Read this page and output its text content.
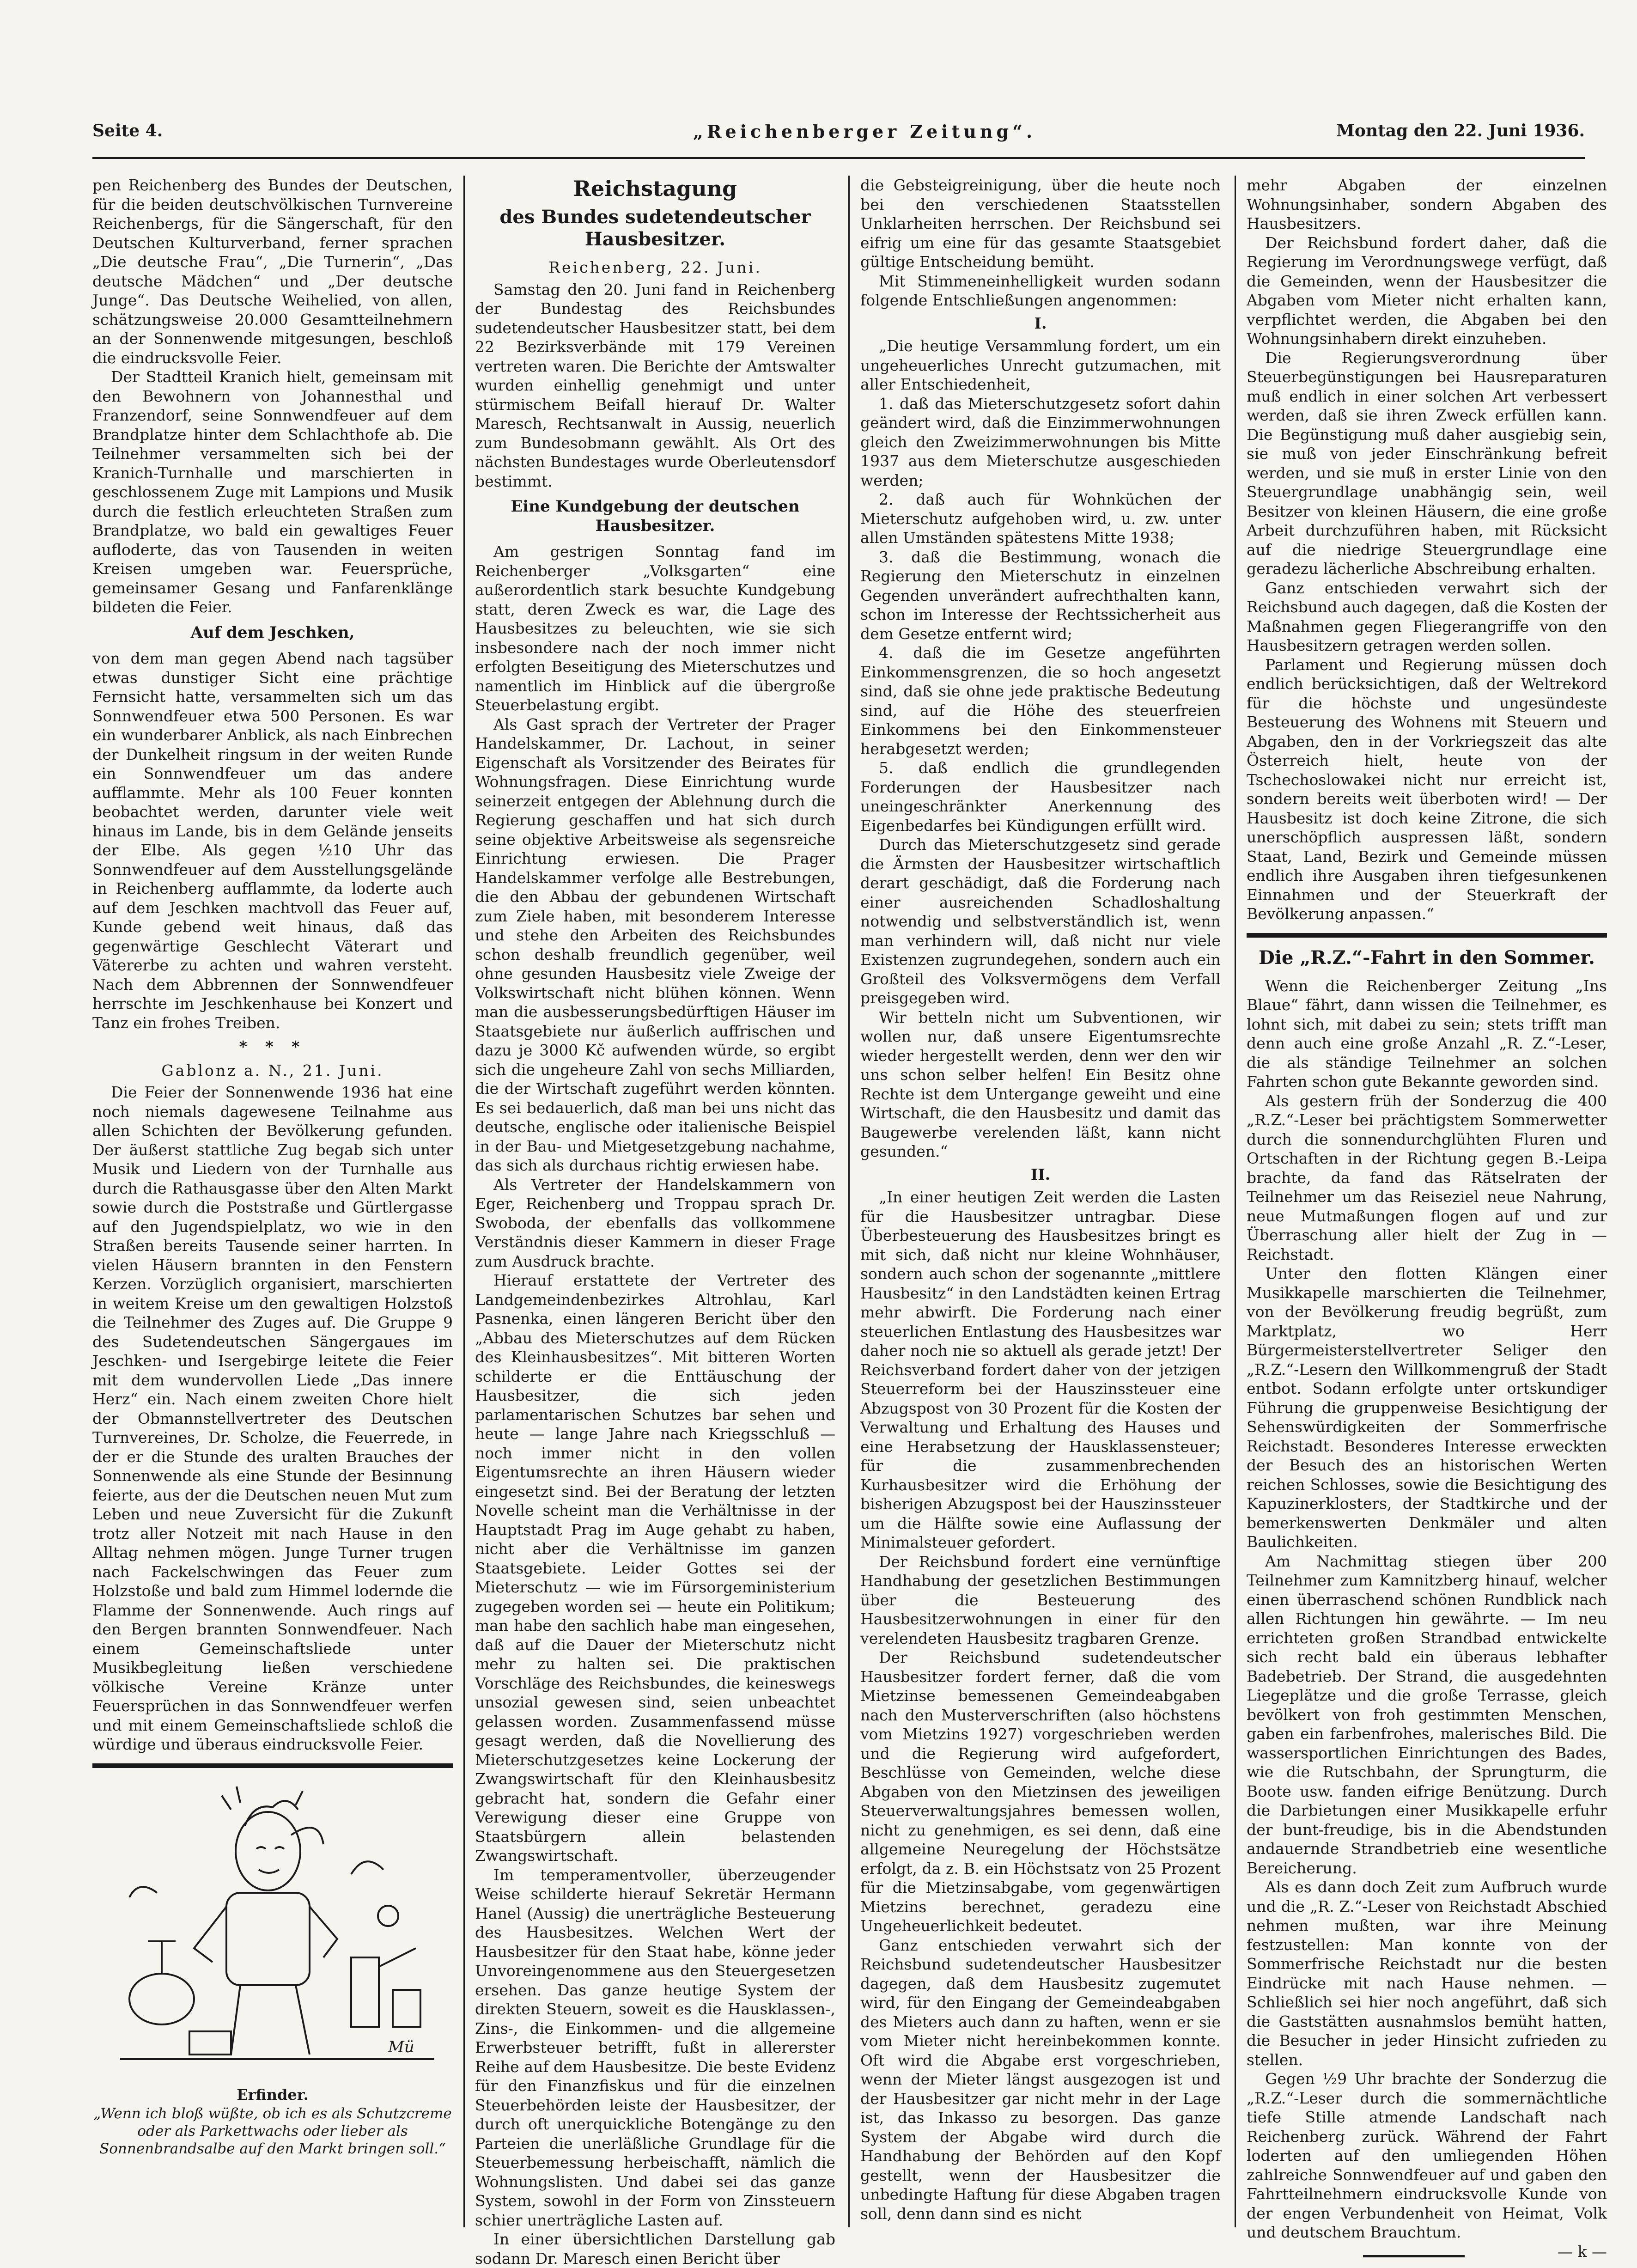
Seite 4.	„Reichenberger Zeitung“.	Montag den 22. Juni 1936.

pen Reichenberg des Bundes der Deutschen, für die beiden deutschvölkischen Turnvereine Reichenbergs, für die Sängerschaft, für den Deutschen Kulturverband, ferner sprachen „Die deutsche Frau“, „Die Turnerin“, „Das deutsche Mädchen“ und „Der deutsche Junge“. Das Deutsche Weihelied, von allen, schätzungsweise 20.000 Gesamtteilnehmern an der Sonnenwende mitgesungen, beschloß die eindrucksvolle Feier.

Der Stadtteil Kranich hielt, gemeinsam mit den Bewohnern von Johannesthal und Franzendorf, seine Sonnwendfeuer auf dem Brandplatze hinter dem Schlachthofe ab. Die Teilnehmer versammelten sich bei der Kranich-Turnhalle und marschierten in geschlossenem Zuge mit Lampions und Musik durch die festlich erleuchteten Straßen zum Brandplatze, wo bald ein gewaltiges Feuer aufloderte, das von Tausenden in weiten Kreisen umgeben war. Feuersprüche, gemeinsamer Gesang und Fanfarenklänge bildeten die Feier.

Auf dem Jeschken,

von dem man gegen Abend nach tagsüber etwas dunstiger Sicht eine prächtige Fernsicht hatte, versammelten sich um das Sonnwendfeuer etwa 500 Personen. Es war ein wunderbarer Anblick, als nach Einbrechen der Dunkelheit ringsum in der weiten Runde ein Sonnwendfeuer um das andere aufflammte. Mehr als 100 Feuer konnten beobachtet werden, darunter viele weit hinaus im Lande, bis in dem Gelände jenseits der Elbe. Als gegen ½10 Uhr das Sonnwendfeuer auf dem Ausstellungsgelände in Reichenberg aufflammte, da loderte auch auf dem Jeschken machtvoll das Feuer auf, Kunde gebend weit hinaus, daß das gegenwärtige Geschlecht Väterart und Vätererbe zu achten und wahren versteht. Nach dem Abbrennen der Sonnwendfeuer herrschte im Jeschkenhause bei Konzert und Tanz ein frohes Treiben.

* * *

Gablonz a. N., 21. Juni.

Die Feier der Sonnenwende 1936 hat eine noch niemals dagewesene Teilnahme aus allen Schichten der Bevölkerung gefunden. Der äußerst stattliche Zug begab sich unter Musik und Liedern von der Turnhalle aus durch die Rathausgasse über den Alten Markt sowie durch die Poststraße und Gürtlergasse auf den Jugendspielplatz, wo wie in den Straßen bereits Tausende seiner harrten. In vielen Häusern brannten in den Fenstern Kerzen. Vorzüglich organisiert, marschierten in weitem Kreise um den gewaltigen Holzstoß die Teilnehmer des Zuges auf. Die Gruppe 9 des Sudetendeutschen Sängergaues im Jeschken- und Isergebirge leitete die Feier mit dem wundervollen Liede „Das innere Herz“ ein. Nach einem zweiten Chore hielt der Obmannstellvertreter des Deutschen Turnvereines, Dr. Scholze, die Feuerrede, in der er die Stunde des uralten Brauches der Sonnenwende als eine Stunde der Besinnung feierte, aus der die Deutschen neuen Mut zum Leben und neue Zuversicht für die Zukunft trotz aller Notzeit mit nach Hause in den Alltag nehmen mögen. Junge Turner trugen nach Fackelschwingen das Feuer zum Holzstoße und bald zum Himmel lodernde die Flamme der Sonnenwende. Auch rings auf den Bergen brannten Sonnwendfeuer. Nach einem Gemeinschaftsliede unter Musikbegleitung ließen verschiedene völkische Vereine Kränze unter Feuersprüchen in das Sonnwendfeuer werfen und mit einem Gemeinschaftsliede schloß die würdige und überaus eindrucksvolle Feier.

Mü
Erfinder.
„Wenn ich bloß wüßte, ob ich es als Schutzcreme oder als Parkettwachs oder lieber als Sonnenbrandsalbe auf den Markt bringen soll.“
Reichstagung
des Bundes sudetendeutscher Hausbesitzer.

Reichenberg, 22. Juni.

Samstag den 20. Juni fand in Reichenberg der Bundestag des Reichsbundes sudetendeutscher Hausbesitzer statt, bei dem 22 Bezirksverbände mit 179 Vereinen vertreten waren. Die Berichte der Amtswalter wurden einhellig genehmigt und unter stürmischem Beifall hierauf Dr. Walter Maresch, Rechtsanwalt in Aussig, neuerlich zum Bundesobmann gewählt. Als Ort des nächsten Bundestages wurde Oberleutensdorf bestimmt.

Eine Kundgebung der deutschen Hausbesitzer.

Am gestrigen Sonntag fand im Reichenberger „Volksgarten“ eine außerordentlich stark besuchte Kundgebung statt, deren Zweck es war, die Lage des Hausbesitzes zu beleuchten, wie sie sich insbesondere nach der noch immer nicht erfolgten Beseitigung des Mieterschutzes und namentlich im Hinblick auf die übergroße Steuerbelastung ergibt.

Als Gast sprach der Vertreter der Prager Handelskammer, Dr. Lachout, in seiner Eigenschaft als Vorsitzender des Beirates für Wohnungsfragen. Diese Einrichtung wurde seinerzeit entgegen der Ablehnung durch die Regierung geschaffen und hat sich durch seine objektive Arbeitsweise als segensreiche Einrichtung erwiesen. Die Prager Handelskammer verfolge alle Bestrebungen, die den Abbau der gebundenen Wirtschaft zum Ziele haben, mit besonderem Interesse und stehe den Arbeiten des Reichsbundes schon deshalb freundlich gegenüber, weil ohne gesunden Hausbesitz viele Zweige der Volkswirtschaft nicht blühen können. Wenn man die ausbesserungsbedürftigen Häuser im Staatsgebiete nur äußerlich auffrischen und dazu je 3000 Kč aufwenden würde, so ergibt sich die ungeheure Zahl von sechs Milliarden, die der Wirtschaft zugeführt werden könnten. Es sei bedauerlich, daß man bei uns nicht das deutsche, englische oder italienische Beispiel in der Bau- und Mietgesetzgebung nachahme, das sich als durchaus richtig erwiesen habe.

Als Vertreter der Handelskammern von Eger, Reichenberg und Troppau sprach Dr. Swoboda, der ebenfalls das vollkommene Verständnis dieser Kammern in dieser Frage zum Ausdruck brachte.

Hierauf erstattete der Vertreter des Landgemeindenbezirkes Altrohlau, Karl Pasnenka, einen längeren Bericht über den „Abbau des Mieterschutzes auf dem Rücken des Kleinhausbesitzes“. Mit bitteren Worten schilderte er die Enttäuschung der Hausbesitzer, die sich jeden parlamentarischen Schutzes bar sehen und heute — lange Jahre nach Kriegsschluß — noch immer nicht in den vollen Eigentumsrechte an ihren Häusern wieder eingesetzt sind. Bei der Beratung der letzten Novelle scheint man die Verhältnisse in der Hauptstadt Prag im Auge gehabt zu haben, nicht aber die Verhältnisse im ganzen Staatsgebiete. Leider Gottes sei der Mieterschutz — wie im Fürsorgeministerium zugegeben worden sei — heute ein Politikum; man habe den sachlich habe man eingesehen, daß auf die Dauer der Mieterschutz nicht mehr zu halten sei. Die praktischen Vorschläge des Reichsbundes, die keineswegs unsozial gewesen sind, seien unbeachtet gelassen worden. Zusammenfassend müsse gesagt werden, daß die Novellierung des Mieterschutzgesetzes keine Lockerung der Zwangswirtschaft für den Kleinhausbesitz gebracht hat, sondern die Gefahr einer Verewigung dieser eine Gruppe von Staatsbürgern allein belastenden Zwangswirtschaft.

Im temperamentvoller, überzeugender Weise schilderte hierauf Sekretär Hermann Hanel (Aussig) die unerträgliche Besteuerung des Hausbesitzes. Welchen Wert der Hausbesitzer für den Staat habe, könne jeder Unvoreingenommene aus den Steuergesetzen ersehen. Das ganze heutige System der direkten Steuern, soweit es die Hausklassen-, Zins-, die Einkommen- und die allgemeine Erwerbsteuer betrifft, fußt in allererster Reihe auf dem Hausbesitze. Die beste Evidenz für den Finanzfiskus und für die einzelnen Steuerbehörden leiste der Hausbesitzer, der durch oft unerquickliche Botengänge zu den Parteien die unerläßliche Grundlage für die Steuerbemessung herbeischafft, nämlich die Wohnungslisten. Und dabei sei das ganze System, sowohl in der Form von Zinssteuern schier unerträgliche Lasten auf.

In einer übersichtlichen Darstellung gab sodann Dr. Maresch einen Bericht über

die Gebsteigreinigung, über die heute noch bei den verschiedenen Staatsstellen Unklarheiten herrschen. Der Reichsbund sei eifrig um eine für das gesamte Staatsgebiet gültige Entscheidung bemüht.

Mit Stimmeneinhelligkeit wurden sodann folgende Entschließungen angenommen:

I.

„Die heutige Versammlung fordert, um ein ungeheuerliches Unrecht gutzumachen, mit aller Entschiedenheit,

1. daß das Mieterschutzgesetz sofort dahin geändert wird, daß die Einzimmerwohnungen gleich den Zweizimmerwohnungen bis Mitte 1937 aus dem Mieterschutze ausgeschieden werden;

2. daß auch für Wohnküchen der Mieterschutz aufgehoben wird, u. zw. unter allen Umständen spätestens Mitte 1938;

3. daß die Bestimmung, wonach die Regierung den Mieterschutz in einzelnen Gegenden unverändert aufrechthalten kann, schon im Interesse der Rechtssicherheit aus dem Gesetze entfernt wird;

4. daß die im Gesetze angeführten Einkommensgrenzen, die so hoch angesetzt sind, daß sie ohne jede praktische Bedeutung sind, auf die Höhe des steuerfreien Einkommens bei den Einkommensteuer herabgesetzt werden;

5. daß endlich die grundlegenden Forderungen der Hausbesitzer nach uneingeschränkter Anerkennung des Eigenbedarfes bei Kündigungen erfüllt wird.

Durch das Mieterschutzgesetz sind gerade die Ärmsten der Hausbesitzer wirtschaftlich derart geschädigt, daß die Forderung nach einer ausreichenden Schadloshaltung notwendig und selbstverständlich ist, wenn man verhindern will, daß nicht nur viele Existenzen zugrundegehen, sondern auch ein Großteil des Volksvermögens dem Verfall preisgegeben wird.

Wir betteln nicht um Subventionen, wir wollen nur, daß unsere Eigentumsrechte wieder hergestellt werden, denn wer den wir uns schon selber helfen! Ein Besitz ohne Rechte ist dem Untergange geweiht und eine Wirtschaft, die den Hausbesitz und damit das Baugewerbe verelenden läßt, kann nicht gesunden.“

II.

„In einer heutigen Zeit werden die Lasten für die Hausbesitzer untragbar. Diese Überbesteuerung des Hausbesitzes bringt es mit sich, daß nicht nur kleine Wohnhäuser, sondern auch schon der sogenannte „mittlere Hausbesitz“ in den Landstädten keinen Ertrag mehr abwirft. Die Forderung nach einer steuerlichen Entlastung des Hausbesitzes war daher noch nie so aktuell als gerade jetzt! Der Reichsverband fordert daher von der jetzigen Steuerreform bei der Hauszinssteuer eine Abzugspost von 30 Prozent für die Kosten der Verwaltung und Erhaltung des Hauses und eine Herabsetzung der Hausklassensteuer; für die zusammenbrechenden Kurhausbesitzer wird die Erhöhung der bisherigen Abzugspost bei der Hauszinssteuer um die Hälfte sowie eine Auflassung der Minimalsteuer gefordert.

Der Reichsbund fordert eine vernünftige Handhabung der gesetzlichen Bestimmungen über die Besteuerung des Hausbesitzerwohnungen in einer für den verelendeten Hausbesitz tragbaren Grenze.

Der Reichsbund sudetendeutscher Hausbesitzer fordert ferner, daß die vom Mietzinse bemessenen Gemeindeabgaben nach den Musterverschriften (also höchstens vom Mietzins 1927) vorgeschrieben werden und die Regierung wird aufgefordert, Beschlüsse von Gemeinden, welche diese Abgaben von den Mietzinsen des jeweiligen Steuerverwaltungsjahres bemessen wollen, nicht zu genehmigen, es sei denn, daß eine allgemeine Neuregelung der Höchstsätze erfolgt, da z. B. ein Höchstsatz von 25 Prozent für die Mietzinsabgabe, vom gegenwärtigen Mietzins berechnet, geradezu eine Ungeheuerlichkeit bedeutet.

Ganz entschieden verwahrt sich der Reichsbund sudetendeutscher Hausbesitzer dagegen, daß dem Hausbesitz zugemutet wird, für den Eingang der Gemeindeabgaben des Mieters auch dann zu haften, wenn er sie vom Mieter nicht hereinbekommen konnte. Oft wird die Abgabe erst vorgeschrieben, wenn der Mieter längst ausgezogen ist und der Hausbesitzer gar nicht mehr in der Lage ist, das Inkasso zu besorgen. Das ganze System der Abgabe wird durch die Handhabung der Behörden auf den Kopf gestellt, wenn der Hausbesitzer die unbedingte Haftung für diese Abgaben tragen soll, denn dann sind es nicht

mehr Abgaben der einzelnen Wohnungsinhaber, sondern Abgaben des Hausbesitzers.

Der Reichsbund fordert daher, daß die Regierung im Verordnungswege verfügt, daß die Gemeinden, wenn der Hausbesitzer die Abgaben vom Mieter nicht erhalten kann, verpflichtet werden, die Abgaben bei den Wohnungsinhabern direkt einzuheben.

Die Regierungsverordnung über Steuerbegünstigungen bei Hausreparaturen muß endlich in einer solchen Art verbessert werden, daß sie ihren Zweck erfüllen kann. Die Begünstigung muß daher ausgiebig sein, sie muß von jeder Einschränkung befreit werden, und sie muß in erster Linie von den Steuergrundlage unabhängig sein, weil Besitzer von kleinen Häusern, die eine große Arbeit durchzuführen haben, mit Rücksicht auf die niedrige Steuergrundlage eine geradezu lächerliche Abschreibung erhalten.

Ganz entschieden verwahrt sich der Reichsbund auch dagegen, daß die Kosten der Maßnahmen gegen Fliegerangriffe von den Hausbesitzern getragen werden sollen.

Parlament und Regierung müssen doch endlich berücksichtigen, daß der Weltrekord für die höchste und ungesündeste Besteuerung des Wohnens mit Steuern und Abgaben, den in der Vorkriegszeit das alte Österreich hielt, heute von der Tschechoslowakei nicht nur erreicht ist, sondern bereits weit überboten wird! — Der Hausbesitz ist doch keine Zitrone, die sich unerschöpflich auspressen läßt, sondern Staat, Land, Bezirk und Gemeinde müssen endlich ihre Ausgaben ihren tiefgesunkenen Einnahmen und der Steuerkraft der Bevölkerung anpassen.“

Die „R.Z.“-Fahrt in den Sommer.

Wenn die Reichenberger Zeitung „Ins Blaue“ fährt, dann wissen die Teilnehmer, es lohnt sich, mit dabei zu sein; stets trifft man denn auch eine große Anzahl „R. Z.“-Leser, die als ständige Teilnehmer an solchen Fahrten schon gute Bekannte geworden sind.

Als gestern früh der Sonderzug die 400 „R.Z.“-Leser bei prächtigstem Sommerwetter durch die sonnendurchglühten Fluren und Ortschaften in der Richtung gegen B.-Leipa brachte, da fand das Rätselraten der Teilnehmer um das Reiseziel neue Nahrung, neue Mutmaßungen flogen auf und zur Überraschung aller hielt der Zug in — Reichstadt.

Unter den flotten Klängen einer Musikkapelle marschierten die Teilnehmer, von der Bevölkerung freudig begrüßt, zum Marktplatz, wo Herr Bürgermeisterstellvertreter Seliger den „R.Z.“-Lesern den Willkommengruß der Stadt entbot. Sodann erfolgte unter ortskundiger Führung die gruppenweise Besichtigung der Sehenswürdigkeiten der Sommerfrische Reichstadt. Besonderes Interesse erweckten der Besuch des an historischen Werten reichen Schlosses, sowie die Besichtigung des Kapuzinerklosters, der Stadtkirche und der bemerkenswerten Denkmäler und alten Baulichkeiten.

Am Nachmittag stiegen über 200 Teilnehmer zum Kamnitzberg hinauf, welcher einen überraschend schönen Rundblick nach allen Richtungen hin gewährte. — Im neu errichteten großen Strandbad entwickelte sich recht bald ein überaus lebhafter Badebetrieb. Der Strand, die ausgedehnten Liegeplätze und die große Terrasse, gleich bevölkert von froh gestimmten Menschen, gaben ein farbenfrohes, malerisches Bild. Die wassersportlichen Einrichtungen des Bades, wie die Rutschbahn, der Sprungturm, die Boote usw. fanden eifrige Benützung. Durch die Darbietungen einer Musikkapelle erfuhr der bunt-freudige, bis in die Abendstunden andauernde Strandbetrieb eine wesentliche Bereicherung.

Als es dann doch Zeit zum Aufbruch wurde und die „R. Z.“-Leser von Reichstadt Abschied nehmen mußten, war ihre Meinung festzustellen: Man konnte von der Sommerfrische Reichstadt nur die besten Eindrücke mit nach Hause nehmen. — Schließlich sei hier noch angeführt, daß sich die Gaststätten ausnahmslos bemüht hatten, die Besucher in jeder Hinsicht zufrieden zu stellen.

Gegen ½9 Uhr brachte der Sonderzug die „R.Z.“-Leser durch die sommernächtliche tiefe Stille atmende Landschaft nach Reichenberg zurück. Während der Fahrt loderten auf den umliegenden Höhen zahlreiche Sonnwendfeuer auf und gaben den Fahrtteilnehmern eindrucksvolle Kunde von der engen Verbundenheit von Heimat, Volk und deutschem Brauchtum.

— k —
